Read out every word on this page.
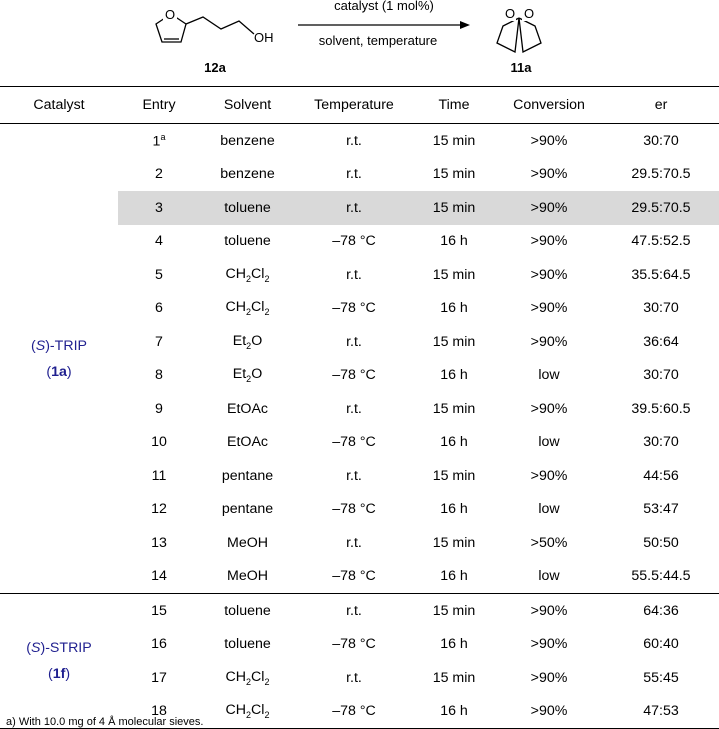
O
OH
12a
catalyst (1 mol%)
solvent, temperature
O O
11a
Catalyst	Entry	Solvent	Temperature	Time	Conversion	er

(S)-TRIP
(1a)	1$^a$	benzene	r.t.	15 min	>90%	30:70
	2	benzene	r.t.	15 min	>90%	29.5:70.5
	3	toluene	r.t.	15 min	>90%	29.5:70.5
	4	toluene	–78 °C	16 h	>90%	47.5:52.5
	5	$CH_2Cl_2$	r.t.	15 min	>90%	35.5:64.5
	6	$CH_2Cl_2$	–78 °C	16 h	>90%	30:70
	7	$Et_2O$	r.t.	15 min	>90%	36:64
	8	$Et_2O$	–78 °C	16 h	low	30:70
	9	EtOAc	r.t.	15 min	>90%	39.5:60.5
	10	EtOAc	–78 °C	16 h	low	30:70
	11	pentane	r.t.	15 min	>90%	44:56
	12	pentane	–78 °C	16 h	low	53:47
	13	MeOH	r.t.	15 min	>50%	50:50
	14	MeOH	–78 °C	16 h	low	55.5:44.5

(S)-STRIP
(1f)	15	toluene	r.t.	15 min	>90%	64:36
	16	toluene	–78 °C	16 h	>90%	60:40
	17	$CH_2Cl_2$	r.t.	15 min	>90%	55:45
	18	$CH_2Cl_2$	–78 °C	16 h	>90%	47:53
a) With 10.0 mg of 4 Å molecular sieves.
